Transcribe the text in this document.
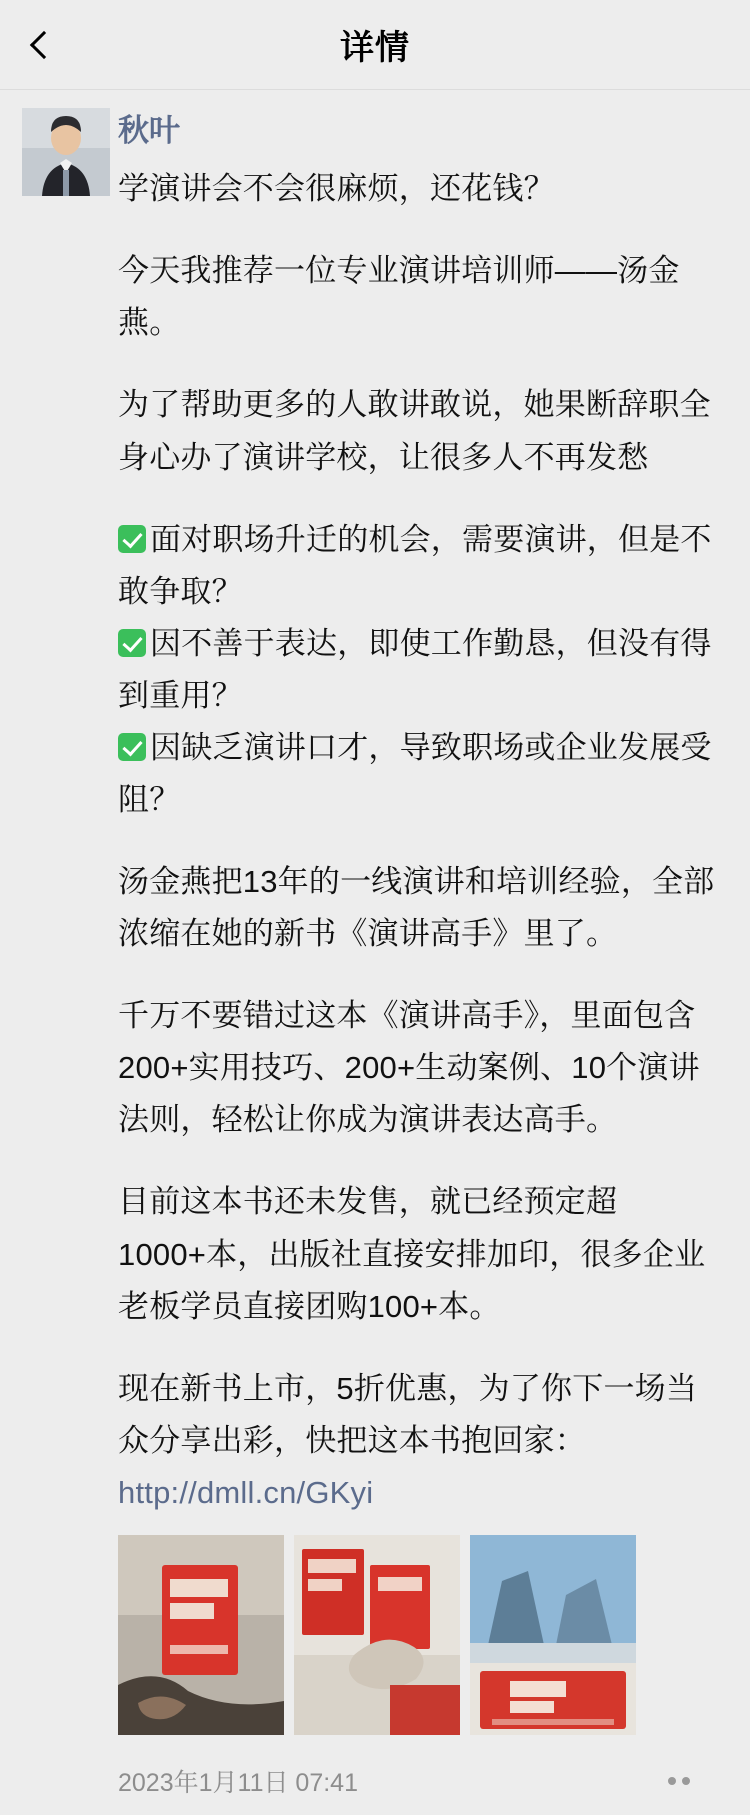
详情
秋叶
学演讲会不会很麻烦，还花钱？
今天我推荐一位专业演讲培训师——汤金燕。
为了帮助更多的人敢讲敢说，她果断辞职全身心办了演讲学校，让很多人不再发愁
面对职场升迁的机会，需要演讲，但是不敢争取？
因不善于表达，即使工作勤恳，但没有得到重用？
因缺乏演讲口才，导致职场或企业发展受阻？
汤金燕把13年的一线演讲和培训经验，全部浓缩在她的新书《演讲高手》里了。
千万不要错过这本《演讲高手》，里面包含200+实用技巧、200+生动案例、10个演讲法则，轻松让你成为演讲表达高手。
目前这本书还未发售，就已经预定超1000+本，出版社直接安排加印，很多企业老板学员直接团购100+本。
现在新书上市，5折优惠，为了你下一场当众分享出彩，快把这本书抱回家：
http://dmll.cn/GKyi
2023年1月11日 07:41
